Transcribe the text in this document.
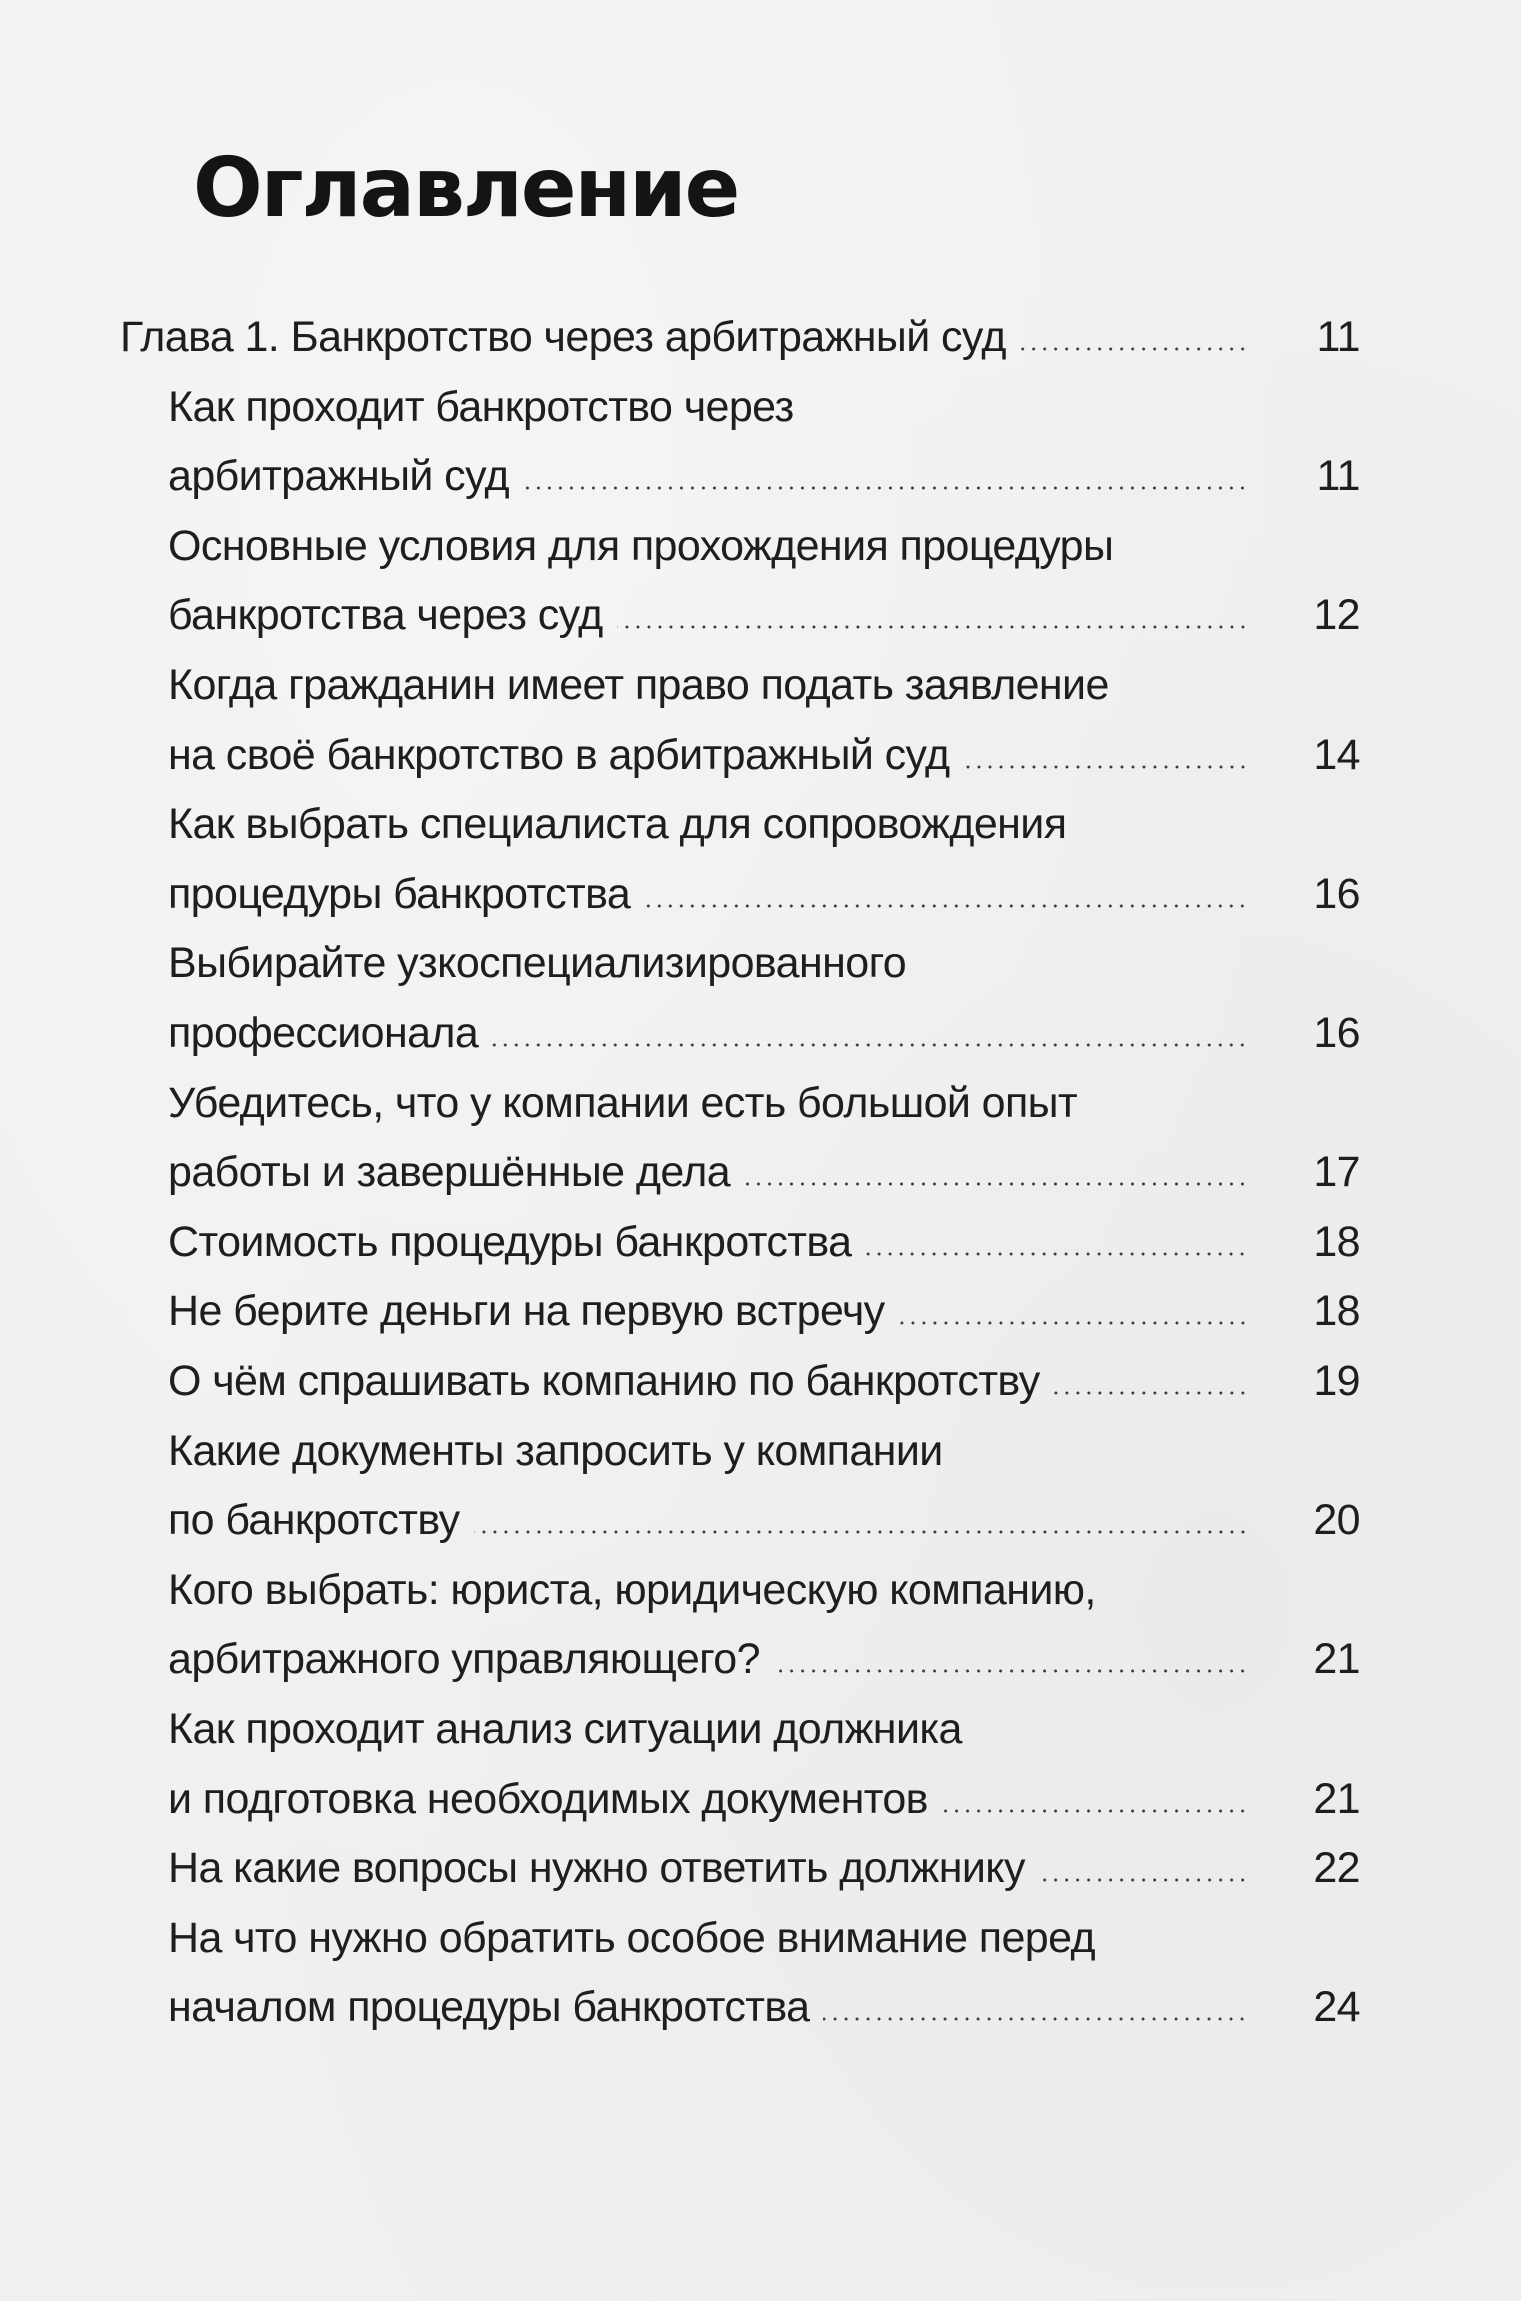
Оглавление
Глава 1. Банкротство через арбитражный суд	11
Как проходит банкротство через
арбитражный суд	11
Основные условия для прохождения процедуры
банкротства через суд	12
Когда гражданин имеет право подать заявление
на своё банкротство в арбитражный суд	14
Как выбрать специалиста для сопровождения
процедуры банкротства	16
Выбирайте узкоспециализированного
профессионала	16
Убедитесь, что у компании есть большой опыт
работы и завершённые дела	17
Стоимость процедуры банкротства	18
Не берите деньги на первую встречу	18
О чём спрашивать компанию по банкротству	19
Какие документы запросить у компании
по банкротству	20
Кого выбрать: юриста, юридическую компанию,
арбитражного управляющего?	21
Как проходит анализ ситуации должника
и подготовка необходимых документов	21
На какие вопросы нужно ответить должнику	22
На что нужно обратить особое внимание перед
началом процедуры банкротства	24
